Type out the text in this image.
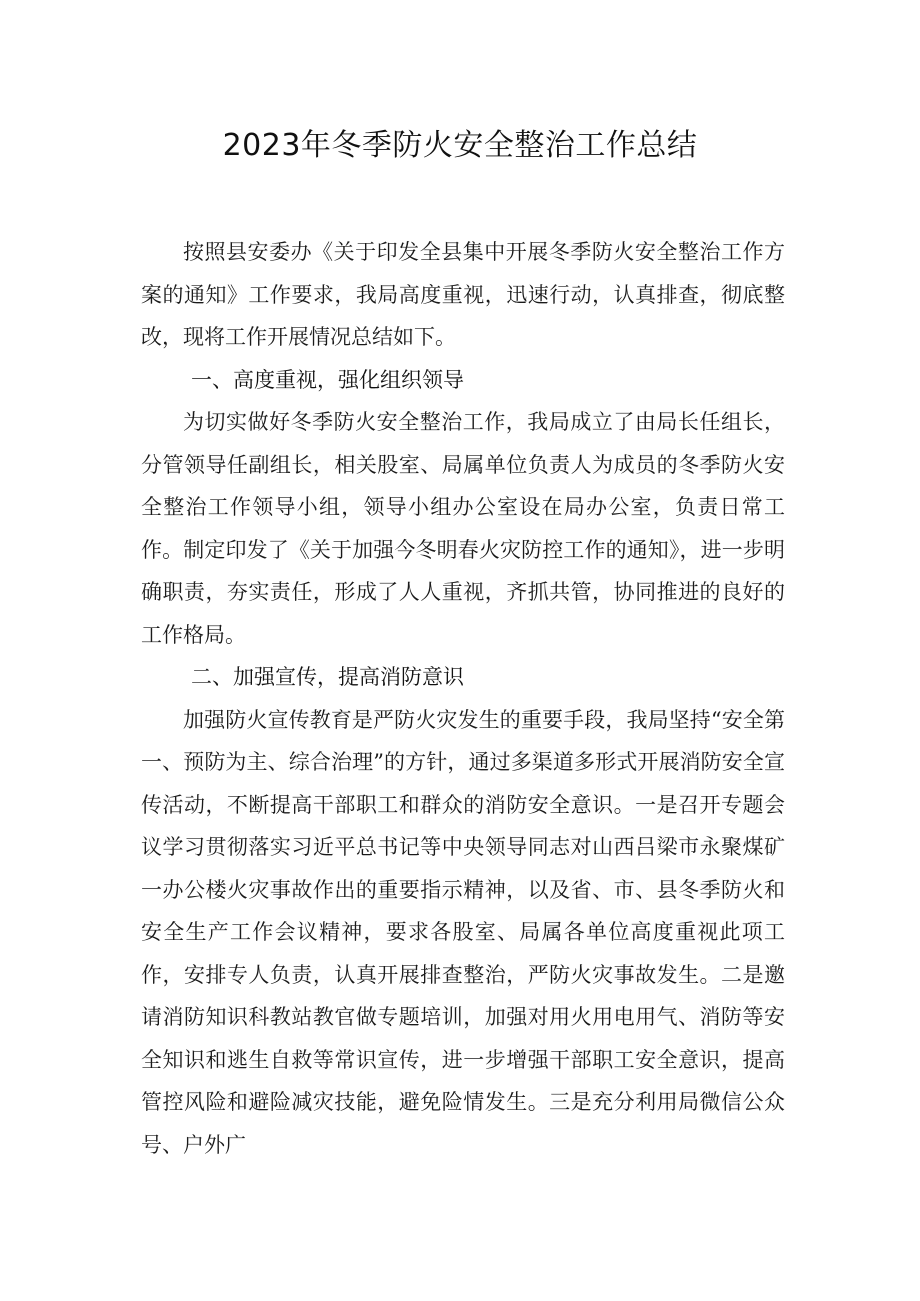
2023年冬季防火安全整治工作总结

按照县安委办《关于印发全县集中开展冬季防火安全整治工作方案的通知》工作要求，我局高度重视，迅速行动，认真排查，彻底整改，现将工作开展情况总结如下。

一、高度重视，强化组织领导

为切实做好冬季防火安全整治工作，我局成立了由局长任组长，分管领导任副组长，相关股室、局属单位负责人为成员的冬季防火安全整治工作领导小组，领导小组办公室设在局办公室，负责日常工作。制定印发了《关于加强今冬明春火灾防控工作的通知》，进一步明确职责，夯实责任，形成了人人重视，齐抓共管，协同推进的良好的工作格局。

二、加强宣传，提高消防意识

加强防火宣传教育是严防火灾发生的重要手段，我局坚持“安全第一、预防为主、综合治理”的方针，通过多渠道多形式开展消防安全宣传活动，不断提高干部职工和群众的消防安全意识。一是召开专题会议学习贯彻落实习近平总书记等中央领导同志对山西吕梁市永聚煤矿一办公楼火灾事故作出的重要指示精神，以及省、市、县冬季防火和安全生产工作会议精神，要求各股室、局属各单位高度重视此项工作，安排专人负责，认真开展排查整治，严防火灾事故发生。二是邀请消防知识科教站教官做专题培训，加强对用火用电用气、消防等安全知识和逃生自救等常识宣传，进一步增强干部职工安全意识，提高管控风险和避险减灾技能，避免险情发生。三是充分利用局微信公众号、户外广
